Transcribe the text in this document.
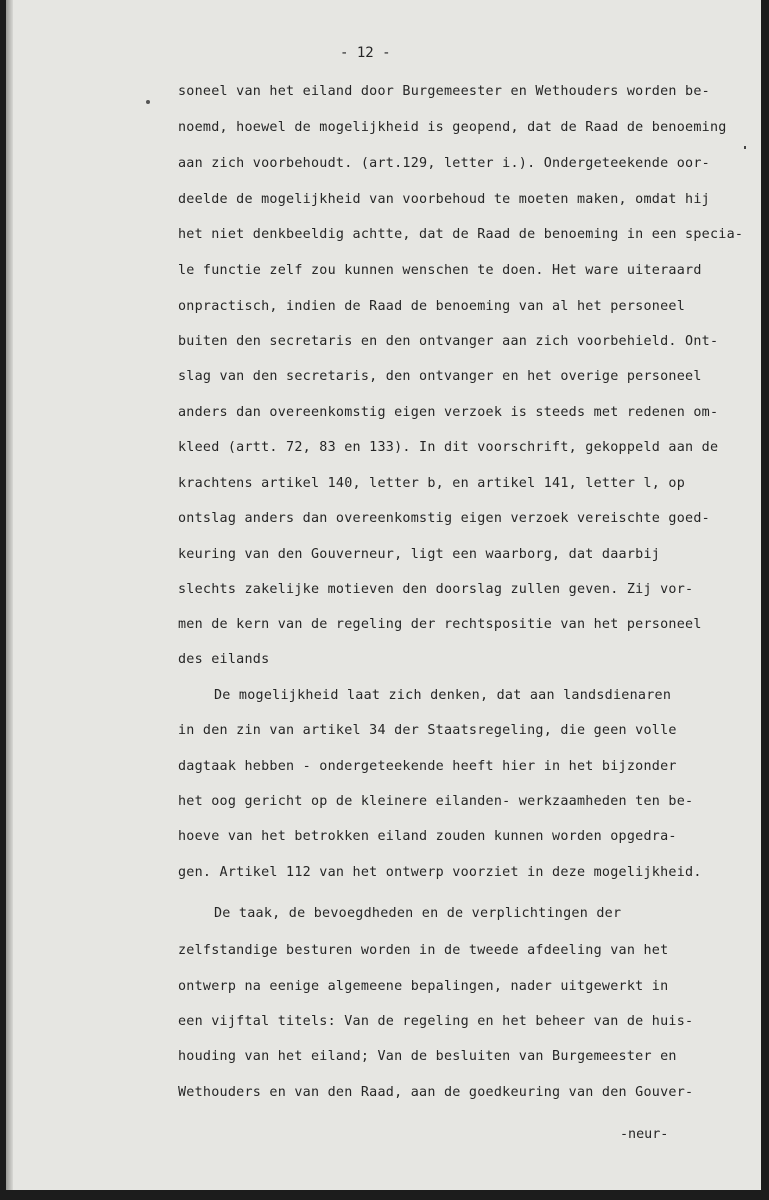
- 12 -
soneel van het eiland door Burgemeester en Wethouders worden be-
noemd, hoewel de mogelijkheid is geopend, dat de Raad de benoeming
aan zich voorbehoudt. (art.129, letter i.). Ondergeteekende oor-
deelde de mogelijkheid van voorbehoud te moeten maken, omdat hij
het niet denkbeeldig achtte, dat de Raad de benoeming in een specia-
le functie zelf zou kunnen wenschen te doen. Het ware uiteraard
onpractisch, indien de Raad de benoeming van al het personeel
buiten den secretaris en den ontvanger aan zich voorbehield. Ont-
slag van den secretaris, den ontvanger en het overige personeel
anders dan overeenkomstig eigen verzoek is steeds met redenen om-
kleed (artt. 72, 83 en 133). In dit voorschrift, gekoppeld aan de
krachtens artikel 140, letter b, en artikel 141, letter l, op
ontslag anders dan overeenkomstig eigen verzoek vereischte goed-
keuring van den Gouverneur, ligt een waarborg, dat daarbij
slechts zakelijke motieven den doorslag zullen geven. Zij vor-
men de kern van de regeling der rechtspositie van het personeel
des eilands
De mogelijkheid laat zich denken, dat aan landsdienaren
in den zin van artikel 34 der Staatsregeling, die geen volle
dagtaak hebben - ondergeteekende heeft hier in het bijzonder
het oog gericht op de kleinere eilanden- werkzaamheden ten be-
hoeve van het betrokken eiland zouden kunnen worden opgedra-
gen. Artikel 112 van het ontwerp voorziet in deze mogelijkheid.
De taak, de bevoegdheden en de verplichtingen der
zelfstandige besturen worden in de tweede afdeeling van het
ontwerp na eenige algemeene bepalingen, nader uitgewerkt in
een vijftal titels: Van de regeling en het beheer van de huis-
houding van het eiland; Van de besluiten van Burgemeester en
Wethouders en van den Raad, aan de goedkeuring van den Gouver-
-neur-
